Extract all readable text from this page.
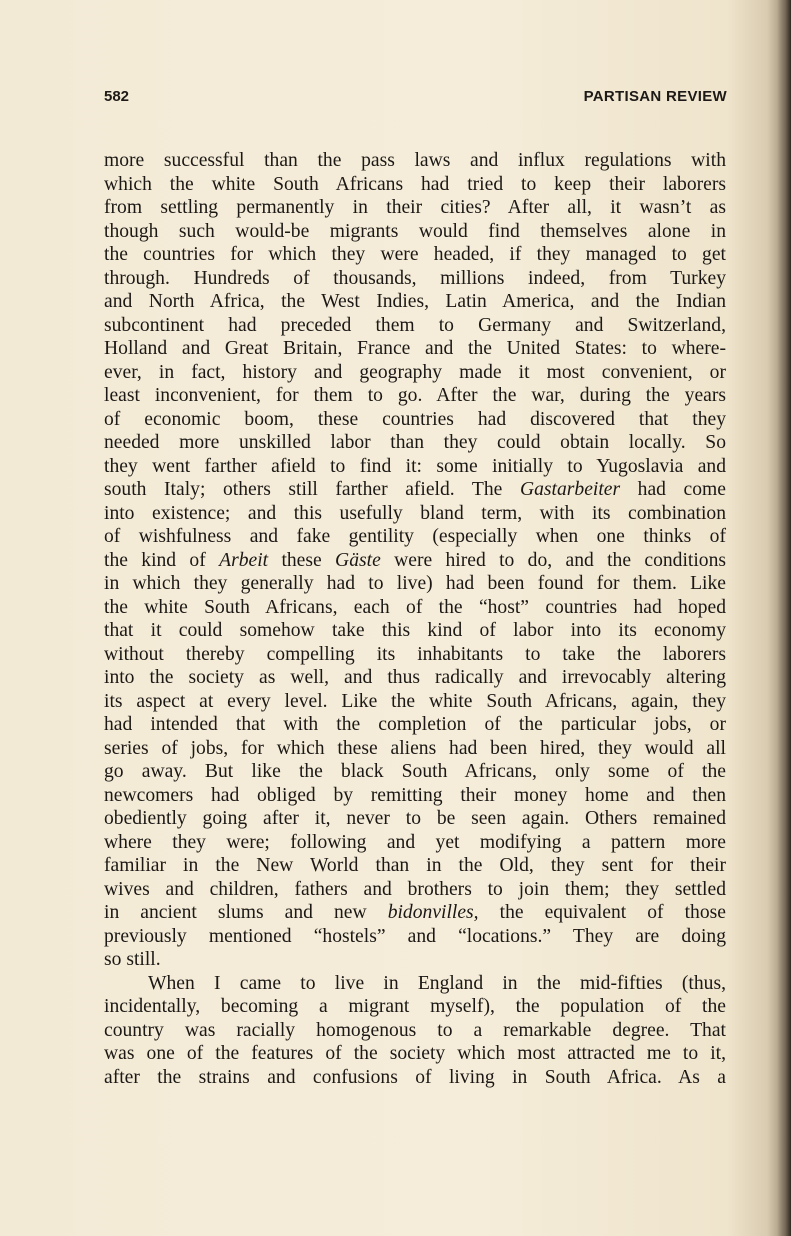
582	PARTISAN REVIEW
more successful than the pass laws and influx regulations with
which the white South Africans had tried to keep their laborers
from settling permanently in their cities? After all, it wasn’t as
though such would-be migrants would find themselves alone in
the countries for which they were headed, if they managed to get
through. Hundreds of thousands, millions indeed, from Turkey
and North Africa, the West Indies, Latin America, and the Indian
subcontinent had preceded them to Germany and Switzerland,
Holland and Great Britain, France and the United States: to where-
ever, in fact, history and geography made it most convenient, or
least inconvenient, for them to go. After the war, during the years
of economic boom, these countries had discovered that they
needed more unskilled labor than they could obtain locally. So
they went farther afield to find it: some initially to Yugoslavia and
south Italy; others still farther afield. The Gastarbeiter had come
into existence; and this usefully bland term, with its combination
of wishfulness and fake gentility (especially when one thinks of
the kind of Arbeit these Gäste were hired to do, and the conditions
in which they generally had to live) had been found for them. Like
the white South Africans, each of the “host” countries had hoped
that it could somehow take this kind of labor into its economy
without thereby compelling its inhabitants to take the laborers
into the society as well, and thus radically and irrevocably altering
its aspect at every level. Like the white South Africans, again, they
had intended that with the completion of the particular jobs, or
series of jobs, for which these aliens had been hired, they would all
go away. But like the black South Africans, only some of the
newcomers had obliged by remitting their money home and then
obediently going after it, never to be seen again. Others remained
where they were; following and yet modifying a pattern more
familiar in the New World than in the Old, they sent for their
wives and children, fathers and brothers to join them; they settled
in ancient slums and new bidonvilles, the equivalent of those
previously mentioned “hostels” and “locations.” They are doing
so still.
When I came to live in England in the mid-fifties (thus,
incidentally, becoming a migrant myself), the population of the
country was racially homogenous to a remarkable degree. That
was one of the features of the society which most attracted me to it,
after the strains and confusions of living in South Africa. As a
